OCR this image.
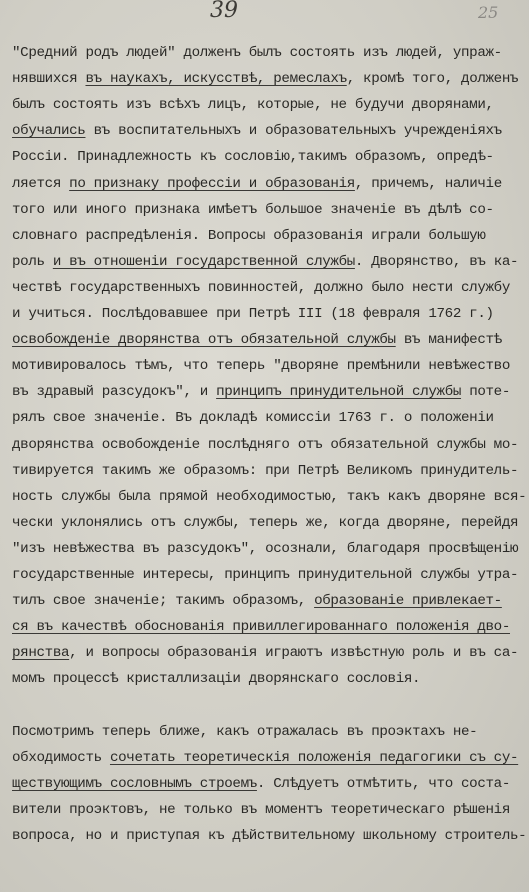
39	25
"Средний родъ людей" долженъ былъ состоять изъ людей, упраж-
нявшихся въ наукахъ, искусствѣ, ремеслахъ, кромѣ того, долженъ
былъ состоять изъ всѣхъ лицъ, которые, не будучи дворянами,
обучались въ воспитательныхъ и образовательныхъ учрежденіяхъ
Россіи. Принадлежность къ сословію,такимъ образомъ, опредѣ-
ляется по признаку профессіи и образованія, причемъ, наличіе
того или иного признака имѣетъ большое значеніе въ дѣлѣ со-
словнаго распредѣленія. Вопросы образованія играли большую
роль и въ отношеніи государственной службы. Дворянство, въ ка-
чествѣ государственныхъ повинностей, должно было нести службу
и учиться. Послѣдовавшее при Петрѣ III (18 февраля 1762 г.)
освобожденіе дворянства отъ обязательной службы въ манифестѣ
мотивировалось тѣмъ, что теперь "дворяне премѣнили невѣжество
въ здравый разсудокъ", и принципъ принудительной службы поте-
рялъ свое значеніе. Въ докладѣ комиссіи 1763 г. о положеніи
дворянства освобожденіе послѣдняго отъ обязательной службы мо-
тивируется такимъ же образомъ: при Петрѣ Великомъ принудитель-
ность службы была прямой необходимостью, такъ какъ дворяне вся-
чески уклонялись отъ службы, теперь же, когда дворяне, перейдя
"изъ невѣжества въ разсудокъ", осознали, благодаря просвѣщенію
государственные интересы, принципъ принудительной службы утра-
тилъ свое значеніе; такимъ образомъ, образованіе привлекает-
ся въ качествѣ обоснованія привиллегированнаго положенія дво-
рянства, и вопросы образованія играютъ извѣстную роль и въ са-
момъ процессѣ кристаллизаціи дворянскаго сословія.
Посмотримъ теперь ближе, какъ отражалась въ проэктахъ не-
обходимость сочетать теоретическія положенія педагогики съ су-
ществующимъ сословнымъ строемъ. Слѣдуетъ отмѣтить, что соста-
вители проэктовъ, не только въ моментъ теоретическаго рѣшенія
вопроса, но и приступая къ дѣйствительному школьному строитель-
